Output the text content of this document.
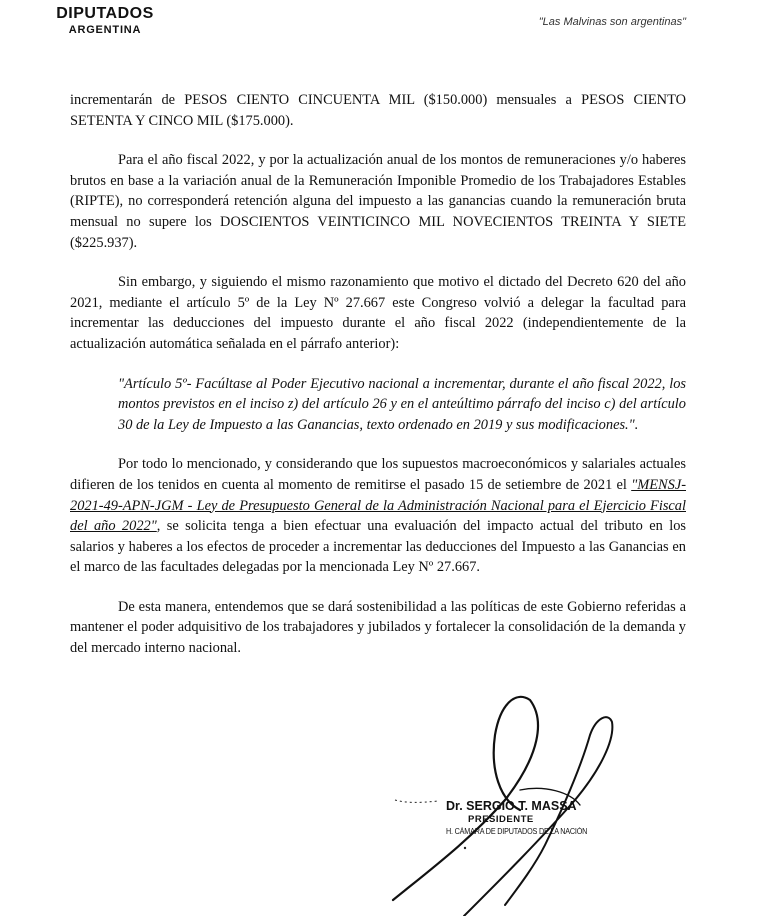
DIPUTADOS
ARGENTINA
"Las Malvinas son argentinas"

incrementarán de PESOS CIENTO CINCUENTA MIL ($150.000) mensuales a PESOS CIENTO SETENTA Y CINCO MIL ($175.000).

Para el año fiscal 2022, y por la actualización anual de los montos de remuneraciones y/o haberes brutos en base a la variación anual de la Remuneración Imponible Promedio de los Trabajadores Estables (RIPTE), no corresponderá retención alguna del impuesto a las ganancias cuando la remuneración bruta mensual no supere los DOSCIENTOS VEINTICINCO MIL NOVECIENTOS TREINTA Y SIETE ($225.937).

Sin embargo, y siguiendo el mismo razonamiento que motivo el dictado del Decreto 620 del año 2021, mediante el artículo 5º de la Ley Nº 27.667 este Congreso volvió a delegar la facultad para incrementar las deducciones del impuesto durante el año fiscal 2022 (independientemente de la actualización automática señalada en el párrafo anterior):

"Artículo 5º- Facúltase al Poder Ejecutivo nacional a incrementar, durante el año fiscal 2022, los montos previstos en el inciso z) del artículo 26 y en el anteúltimo párrafo del inciso c) del artículo 30 de la Ley de Impuesto a las Ganancias, texto ordenado en 2019 y sus modificaciones.".

Por todo lo mencionado, y considerando que los supuestos macroeconómicos y salariales actuales difieren de los tenidos en cuenta al momento de remitirse el pasado 15 de setiembre de 2021 el "MENSJ-2021-49-APN-JGM - Ley de Presupuesto General de la Administración Nacional para el Ejercicio Fiscal del año 2022", se solicita tenga a bien efectuar una evaluación del impacto actual del tributo en los salarios y haberes a los efectos de proceder a incrementar las deducciones del Impuesto a las Ganancias en el marco de las facultades delegadas por la mencionada Ley Nº 27.667.

De esta manera, entendemos que se dará sostenibilidad a las políticas de este Gobierno referidas a mantener el poder adquisitivo de los trabajadores y jubilados y fortalecer la consolidación de la demanda y del mercado interno nacional.

Dr. SERGIO T. MASSA
PRESIDENTE
H. CÁMARA DE DIPUTADOS DE LA NACIÓN
